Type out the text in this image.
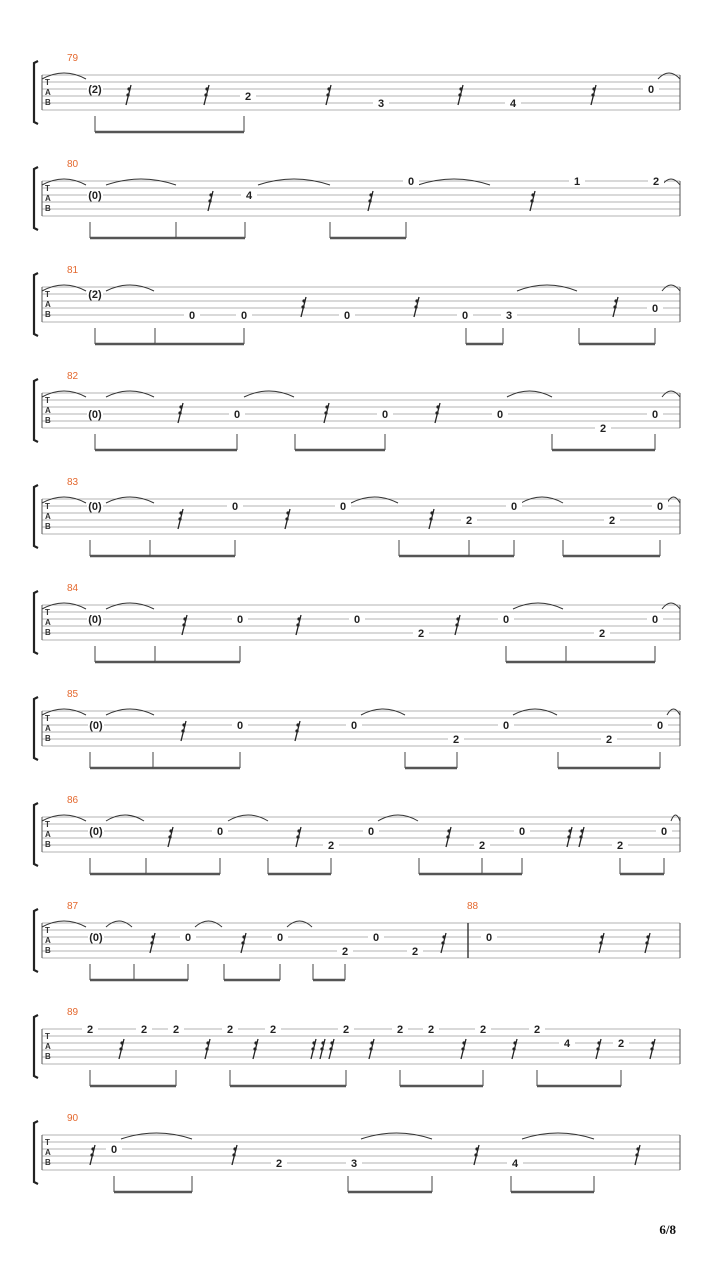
T
A
B
79
(2)
2
3	4
0
T
A
B
80
(0)	4
0	1	2
T
A
B
81
(2)
0	0	0	0	3
0
T
A
B
82
(0)	0	0	0
2
0
T
A
B
83
(0)	0	0
2
0
2
0
T
A
B
84
(0)	0	0
2
0
2
0
T
A
B
85
(0)	0	0
2
0
2
0
T
A
B
86
(0)	0
2
0
2
0
2
0
T
A
B
87	88
(0)	0	0
2
0
2
0
T
A
B
89
2	2 2	2	2	2	2 2	2	2
4	2
T
A
B
90
0
2	3	4
6/8
